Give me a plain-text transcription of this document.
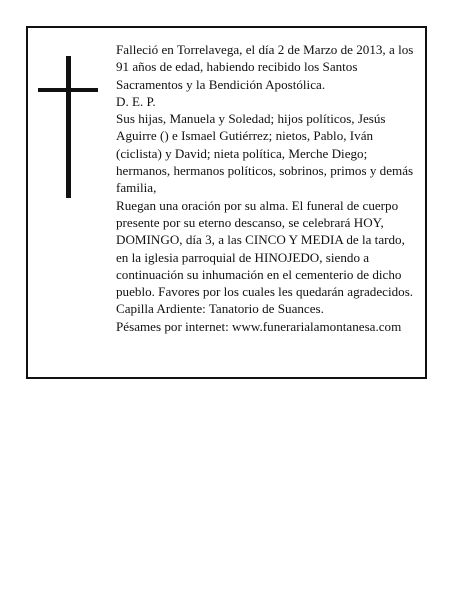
Falleció en Torrelavega, el día 2 de Marzo de 2013, a los 91 años de edad, habiendo recibido los Santos Sacramentos y la Bendición Apostólica.

D. E. P.

Sus hijas, Manuela y Soledad; hijos políticos, Jesús Aguirre () e Ismael Gutiérrez; nietos, Pablo, Iván (ciclista) y David; nieta política, Merche Diego; hermanos, hermanos políticos, sobrinos, primos y demás familia,

Ruegan una oración por su alma. El funeral de cuerpo presente por su eterno descanso, se celebrará HOY, DOMINGO, día 3, a las CINCO Y MEDIA de la tardo, en la iglesia parroquial de HINOJEDO, siendo a continuación su inhumación en el cementerio de dicho pueblo. Favores por los cuales les quedarán agradecidos. Capilla Ardiente: Tanatorio de Suances.

Pésames por internet: www.funerarialamontanesa.com
